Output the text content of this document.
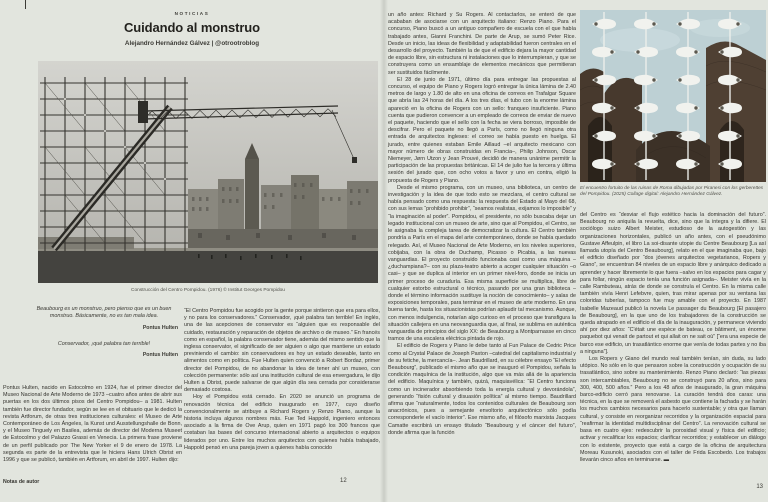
NOTICIAS
Cuidando al monstruo
Alejandro Hernández Gálvez | @otrootroblog
Construcción del Centro Pompidou. (1976) © Institut Georges Pompidou
Beaubourg es un monstruo, pero pienso que es un buen monstruo. Básicamente, no es tan mala idea.
Pontus Hulten
Conservador, ¡qué palabra tan terrible!
Pontus Hulten

Pontus Hulten, nacido en Estocolmo en 1924, fue el primer director del Museo Nacional de Arte Moderno de 1973 –cuatro años antes de abrir sus puertas en los dos últimos pisos del Centro Pompidou– a 1981. Hulten también fue director fundador, según se lee en el obituario que le dedicó la revista Artforum, de otras tres instituciones culturales: el Museo de Arte Contemporáneo de Los Ángeles, la Kunst und Ausstellungshalle de Bonn, y el Museo Tinguely en Basilea, además de director del Moderna Museet de Estocolmo y del Palazzo Grassi en Venecia. La primera frase proviene de un perfil publicado por The New Yorker el 9 de enero de 1978. La segunda es parte de la entrevista que le hiciera Hans Ulrich Obrist en 1996 y que se publicó, también en Artforum, en abril de 1997. Hulten dijo:

“El Centro Pompidou fue acogido por la gente porque sintieron que era para ellos, y no para los conservadores.” Conservador, ¡qué palabra tan terrible! En inglés, una de las acepciones de conservator es “alguien que es responsable del cuidado, restauración y reparación de objetos de archivo o de museo.” En francés como en español, la palabra conservador tiene, además del mismo sentido que la inglesa conservator, el significado de ser alguien o algo que mantiene un estado previniendo el cambio: sin conservadores es hoy un estado deseable, tanto en alimentos como en política. Fue Hulten quien convenció a Robert Bordaz, primer director del Pompidou, de no abandonar la idea de tener ahí un museo, con colección permanente: sólo así una institución cultural de esa envergadura, le dijo Hulten a Obrist, puede salvarse de que algún día sea cerrada por considerarse demasiado costosa.

Hoy el Pompidou está cerrado. En 2020 se anunció un programa de renovación técnica del edificio inaugurado en 1977, cuyo diseño convencionalmente se atribuye a Richard Rogers y Renzo Piano, aunque la historia incluya algunos nombres más. Fue Ted Happold, ingeniero entonces asociado a la firma de Ove Arup, quien en 1971 pagó los 300 francos que costaban las bases del concurso internacional abierto a arquitectos o equipos liderados por uno. Entre los muchos arquitectos con quienes había trabajado, Happold pensó en una pareja joven a quienes había conocido

Notas de autor	12

un año antes: Richard y Su Rogers. Al contactarlos, se enteró de que acababan de asociarse con un arquitecto italiano: Renzo Piano. Para el concurso, Piano buscó a un antiguo compañero de escuela con el que había trabajado antes, Gianni Franchini. De parte de Arup, se sumó Peter Rice. Desde un inicio, las ideas de flexibilidad y adaptabilidad fueron centrales en el desarrollo del proyecto. También la de que el edificio dejara la mayor cantidad de espacio libre, sin estructura ni instalaciones que lo interrumpieran, y que se construyera como un ensamblaje de elementos mecánicos que permitieran ser sustituidos fácilmente.

El 28 de junio de 1971, último día para entregar las propuestas al concurso, el equipo de Piano y Rogers logró entregar la única lámina de 2.40 metros de largo y 1.80 de alto en una oficina de correos en Trafalgar Square que abría las 24 horas del día. A los tres días, el tubo con la enorme lámina apareció en la oficina de Rogers con un sello: franqueo insuficiente. Piano cuenta que pudieron convencer a un empleado de correos de enviar de nuevo el paquete, haciendo que el sello con la fecha se viera borroso, imposible de descifrar. Pero el paquete no llegó a París, como no llegó ninguna otra entrada de arquitectos ingleses: el correo se había puesto en huelga. El jurado, entre quienes estaban Emile Aillaud –el arquitecto mexicano con mayor número de obras construidas en Francia–, Philip Johnson, Oscar Niemeyer, Jørn Utzon y Jean Prouvé, decidió de manera unánime permitir la participación de las propuestas británicas. El 14 de julio fue la tercera y última sesión del jurado que, con ocho votos a favor y uno en contra, eligió la propuesta de Rogers y Piano.

Desde el mismo programa, con un museo, una biblioteca, un centro de investigación y la idea de que todo esto se mezclara, el centro cultural se había pensado como una respuesta: la respuesta del Estado al Mayo del 68, con sus lemas “prohibido prohibir”, “seamos realistas, exijamos lo imposible” y “la imaginación al poder”. Pompidou, el presidente, no sólo buscaba dejar un legado institucional con un museo de arte, sino que al Pompidou, el Centro, se le asignaba la compleja tarea de democratizar la cultura. El Centro también pondría a París en el mapa del arte contemporáneo, donde se había quedado relegado. Así, el Museo Nacional de Arte Moderno, en los niveles superiores, cobijaba, con la obra de Duchamp, Picasso o Picabia, a las nuevas vanguardias. El proyecto construido funcionaba casi como una máquina –¿duchampiana?– con su plaza-teatro abierto a acoger cualquier situación –o casi– y que se duplica al interior en un primer nivel-foro, donde se inicia un primer proceso de curaduría. Esa misma superficie se multiplica, libre de cualquier estorbo estructural o técnico, pasando por una gran biblioteca –donde el término información sustituye la noción de conocimiento– y salas de exposiciones temporales, para terminar en el museo de arte moderno. En una buena tarde, hasta los situacionistas podrían aplaudir tal mecanismo. Aunque, con menos indulgencia, notarían algo curioso en el proceso que transfigura la situación callejera en una neovanguardia que, al final, se sublima en auténtica vanguardia de principios del siglo XX: de Beaubourg a Montparnasse en cinco tramos de una escalera eléctrica pintada de rojo.

El edificio de Rogers y Piano le debe tanto al Fun Palace de Cedric Price como al Crystal Palace de Joseph Paxton –catedral del capitalismo industrial y de su fetiche, la mercancía–. Jean Baudrillard, en su célebre ensayo “El efecto Beaubourg”, publicado el mismo año que se inauguró el Pompidou, señala la condición maquínica de la institución, algo que va más allá de la apariencia del edificio. Maquínica y también, quizá, maquiavélica: “El Centro funciona como un incinerador absorbiendo toda la energía cultural y devorándola”, generando “fisión cultural y disuasión política” al mismo tiempo. Baudrillard afirma que “naturalmente, todos los contenidos culturales de Beaubourg son anacrónicos, pues a semejante envoltorio arquitectónico sólo podía corresponderle el vacío interior”. Ese mismo año, el filósofo marxista Jacques Camatte escribirá un ensayo titulado “Beaubourg y el cáncer del futuro”, donde afirma que la función

El encuentro fortuito de las ruinas de Roma dibujadas por Piranesi con los gerberettes del Pompidou. (2025) Collage digital: Alejandro Hernández Gálvez.

del Centro es “desviar el flujo estético hacia la dominación del futuro”. Beaubourg no aniquila la revuelta, dice, sino que la integra y la difiere. El sociólogo suizo Albert Meister, estudioso de la autogestión y las organizaciones horizontales, publicó un año antes, con el pseudónimo Gustave Affeulpin, el libro La soi-disante utopie du Centre Beaubourg [La así llamada utopía del Centro Beaubourg], relato en el que imaginaba que, bajo el edificio diseñado por “dos jóvenes arquitectos vegetarianos, Ropers y Giano”, se encuentran 84 niveles de un espacio libre y anárquico dedicado a aprender y hacer libremente lo que fuera –salvo en los espacios para cagar y para follar, ningún espacio tenía una función asignada–. Meister vivía en la calle Rambuteau, atrás de donde se construía el Centro. En la misma calle también vivía Henri Lefebvre, quien, tras mirar apenas por su ventana las coloridas tuberías, tampoco fue muy amable con el proyecto. En 1987 Isabelle Mazeaud publicó la novela Le passager du Beaubourg [El pasajero de Beaubourg], en la que uno de los trabajadores de la construcción se queda atrapado en el edificio el día de la inauguración, y permanece viviendo ahí por diez años: “C'était une espèce de bateau, ce bâtiment, un énorme paquebot qui venait de partout et qui allait on ne sait où” [“era una especie de barco ese edificio, un trasatlántico enorme que venía de todas partes y no iba a ninguna”].

Los Ropers y Giano del mundo real también tenían, sin duda, su lado utópico. No sólo en lo que pensaron sobre la construcción y ocupación de su trasatlántico, sino sobre su mantenimiento. Renzo Piano declaró: “las piezas son intercambiables, Beaubourg no se construyó para 20 años, sino para 300, 400, 500 años.” Pero a los 48 años de inaugurado, la gran máquina barco-edificio cerró para renovarse. La curación tendrá dos caras: una técnica, en la que se removerá el asbesto que contiene la fachada y se harán los muchos cambios necesarios para hacerlo sustentable; y otra que llaman cultural, y consiste en reorganizar recorridos y la organización espacial para “reafirmar la identidad multidisciplinar del Centro”. La renovación cultural se basa en cuatro ejes: redescubrir la porosidad visual y física del edificio; activar y recalificar los espacios; clarificar recorridos; y establecer un diálogo con lo existente, proyecto que está a cargo de la oficina de arquitectura Moreau Kusunoki, asociados con el taller de Frida Escobedo. Los trabajos llevarán cinco años en terminarse. ▬

13
